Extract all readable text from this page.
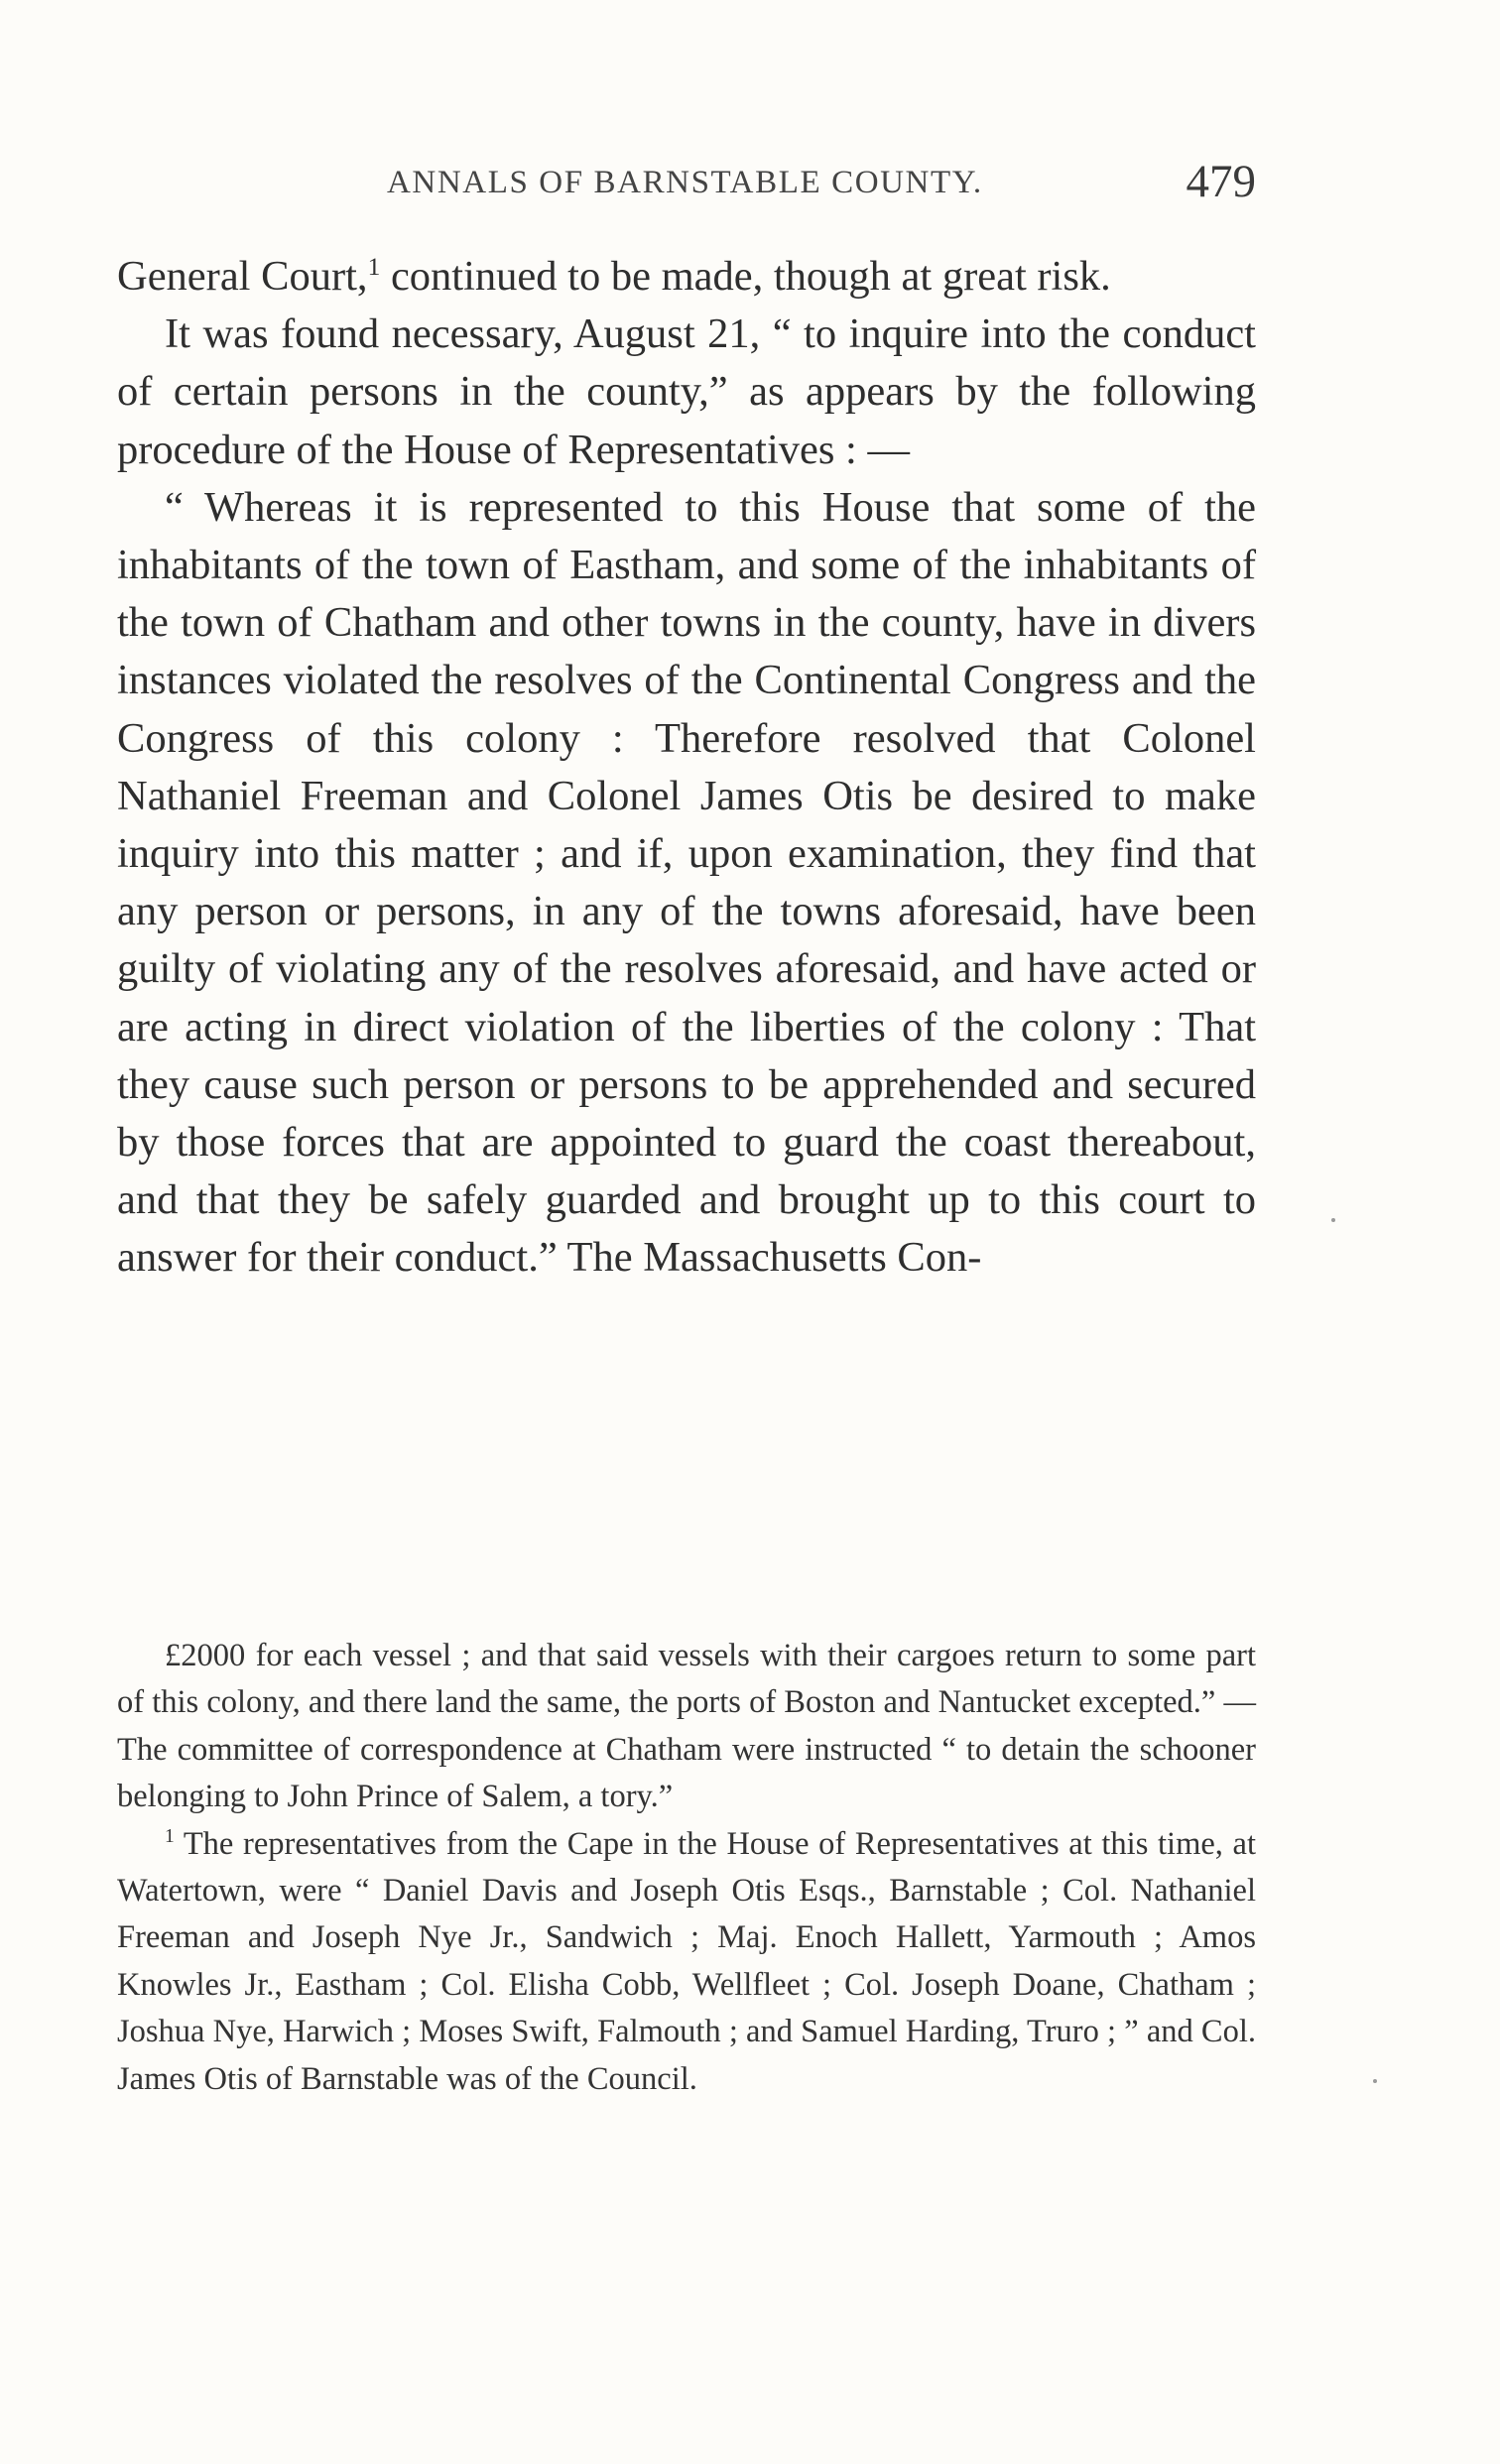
ANNALS OF BARNSTABLE COUNTY.	479

General Court,$^1$ continued to be made, though at great risk.

It was found necessary, August 21, “ to inquire into the conduct of certain persons in the county,” as appears by the following procedure of the House of Representatives : —

“ Whereas it is represented to this House that some of the inhabitants of the town of Eastham, and some of the inhabitants of the town of Chatham and other towns in the county, have in divers instances violated the resolves of the Continental Congress and the Congress of this colony : Therefore resolved that Colonel Nathaniel Freeman and Colonel James Otis be desired to make inquiry into this matter ; and if, upon examination, they find that any person or persons, in any of the towns aforesaid, have been guilty of violating any of the resolves aforesaid, and have acted or are acting in direct violation of the liberties of the colony : That they cause such person or persons to be apprehended and secured by those forces that are appointed to guard the coast thereabout, and that they be safely guarded and brought up to this court to answer for their conduct.” The Massachusetts Con-

£2000 for each vessel ; and that said vessels with their cargoes return to some part of this colony, and there land the same, the ports of Boston and Nantucket excepted.” — The committee of correspondence at Chatham were instructed “ to detain the schooner belonging to John Prince of Salem, a tory.”

$^1$ The representatives from the Cape in the House of Representatives at this time, at Watertown, were “ Daniel Davis and Joseph Otis Esqs., Barnstable ; Col. Nathaniel Freeman and Joseph Nye Jr., Sandwich ; Maj. Enoch Hallett, Yarmouth ; Amos Knowles Jr., Eastham ; Col. Elisha Cobb, Wellfleet ; Col. Joseph Doane, Chatham ; Joshua Nye, Harwich ; Moses Swift, Falmouth ; and Samuel Harding, Truro ; ” and Col. James Otis of Barnstable was of the Council.
